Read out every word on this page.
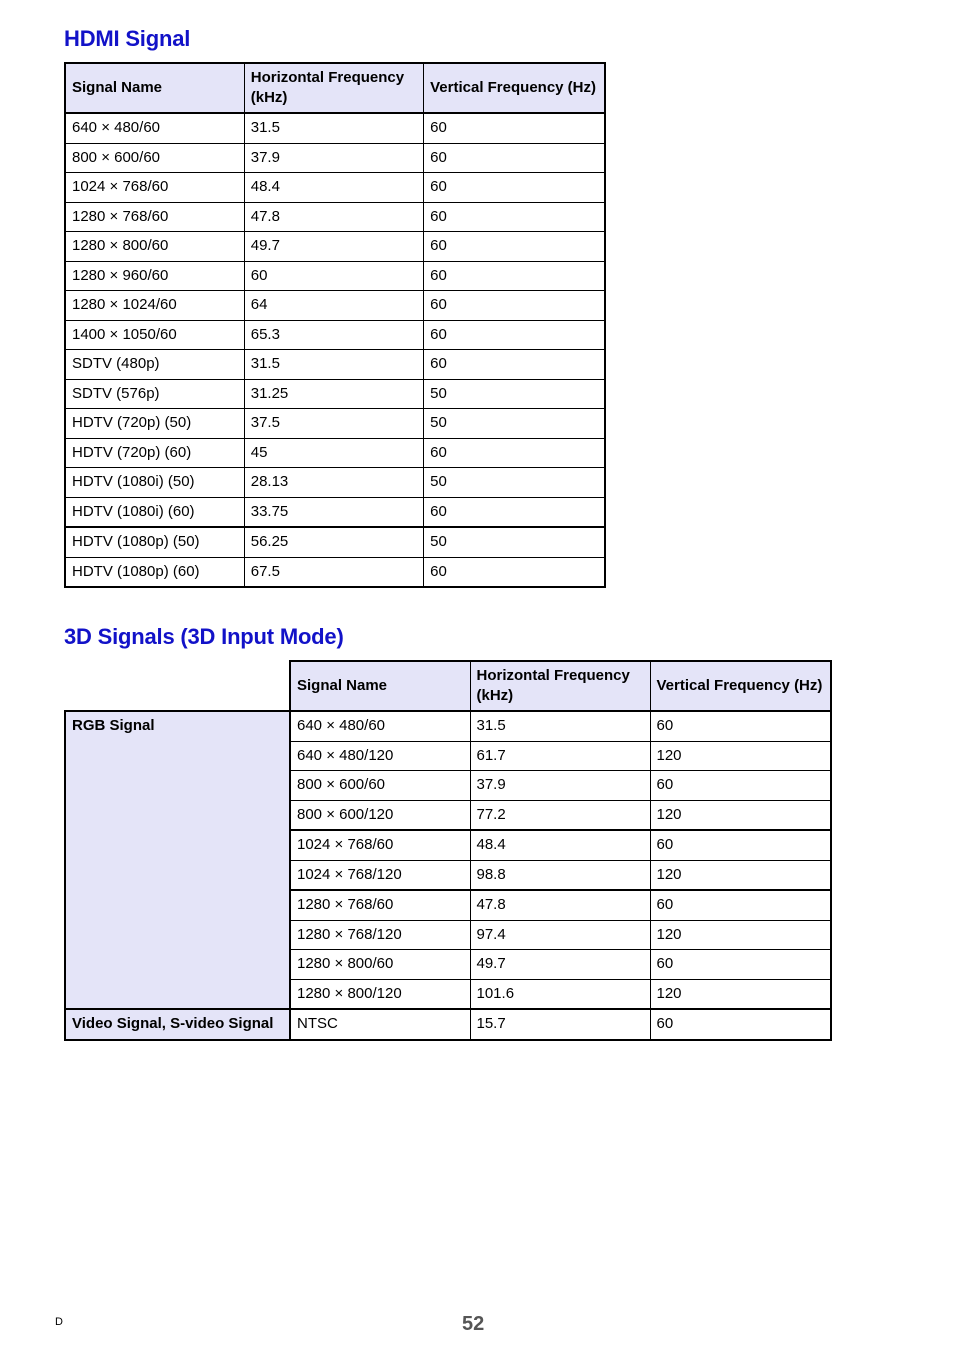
HDMI Signal
Signal Name	Horizontal Frequency (kHz)	Vertical Frequency (Hz)
640 × 480/60	31.5	60
800 × 600/60	37.9	60
1024 × 768/60	48.4	60
1280 × 768/60	47.8	60
1280 × 800/60	49.7	60
1280 × 960/60	60	60
1280 × 1024/60	64	60
1400 × 1050/60	65.3	60
SDTV (480p)	31.5	60
SDTV (576p)	31.25	50
HDTV (720p) (50)	37.5	50
HDTV (720p) (60)	45	60
HDTV (1080i) (50)	28.13	50
HDTV (1080i) (60)	33.75	60
HDTV (1080p) (50)	56.25	50
HDTV (1080p) (60)	67.5	60
3D Signals (3D Input Mode)
	Signal Name	Horizontal Frequency (kHz)	Vertical Frequency (Hz)
RGB Signal	640 × 480/60	31.5	60
	640 × 480/120	61.7	120
	800 × 600/60	37.9	60
	800 × 600/120	77.2	120
	1024 × 768/60	48.4	60
	1024 × 768/120	98.8	120
	1280 × 768/60	47.8	60
	1280 × 768/120	97.4	120
	1280 × 800/60	49.7	60
	1280 × 800/120	101.6	120
Video Signal, S-video Signal	NTSC	15.7	60
D	52
